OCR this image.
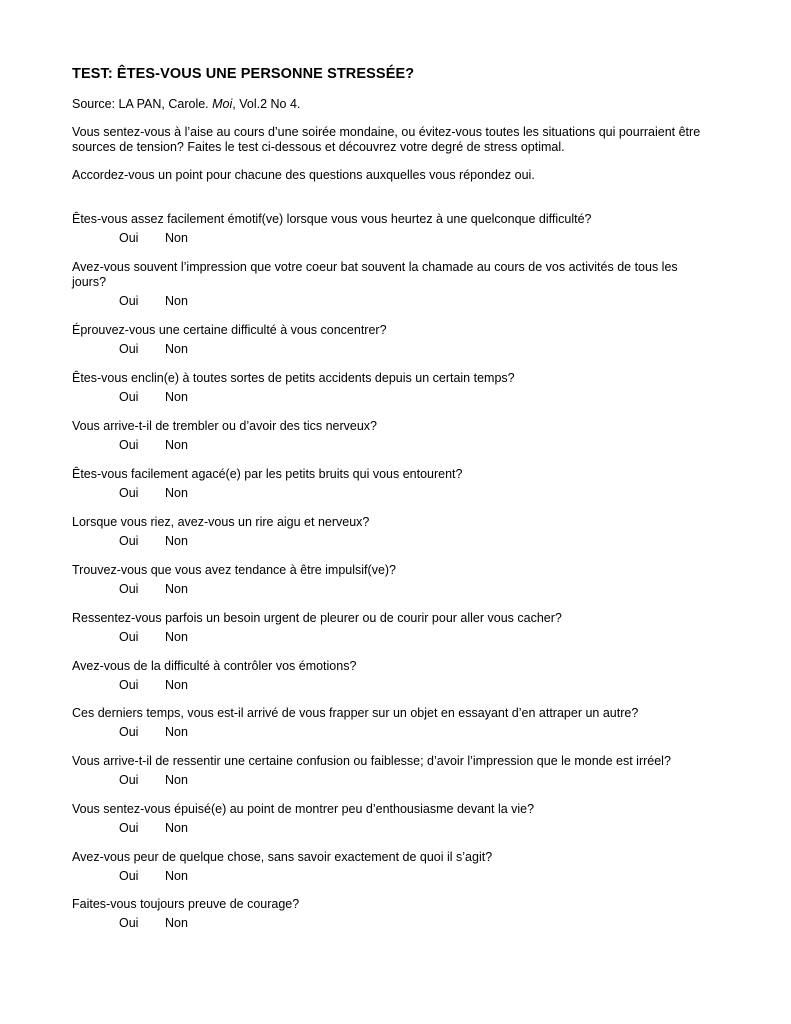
TEST: ÊTES-VOUS UNE PERSONNE STRESSÉE?
Source: LA PAN, Carole. Moi, Vol.2 No 4.
Vous sentez-vous à l’aise au cours d’une soirée mondaine, ou évitez-vous toutes les situations qui pourraient être sources de tension? Faites le test ci-dessous et découvrez votre degré de stress optimal.
Accordez-vous un point pour chacune des questions auxquelles vous répondez oui.
Êtes-vous assez facilement émotif(ve) lorsque vous vous heurtez à une quelconque difficulté?
Oui Non
Avez-vous souvent l’impression que votre coeur bat souvent la chamade au cours de vos activités de tous les jours?
Oui Non
Éprouvez-vous une certaine difficulté à vous concentrer?
Oui Non
Êtes-vous enclin(e) à toutes sortes de petits accidents depuis un certain temps?
Oui Non
Vous arrive-t-il de trembler ou d’avoir des tics nerveux?
Oui Non
Êtes-vous facilement agacé(e) par les petits bruits qui vous entourent?
Oui Non
Lorsque vous riez, avez-vous un rire aigu et nerveux?
Oui Non
Trouvez-vous que vous avez tendance à être impulsif(ve)?
Oui Non
Ressentez-vous parfois un besoin urgent de pleurer ou de courir pour aller vous cacher?
Oui Non
Avez-vous de la difficulté à contrôler vos émotions?
Oui Non
Ces derniers temps, vous est-il arrivé de vous frapper sur un objet en essayant d’en attraper un autre?
Oui Non
Vous arrive-t-il de ressentir une certaine confusion ou faiblesse; d’avoir l’impression que le monde est irréel?
Oui Non
Vous sentez-vous épuisé(e) au point de montrer peu d’enthousiasme devant la vie?
Oui Non
Avez-vous peur de quelque chose, sans savoir exactement de quoi il s’agit?
Oui Non
Faites-vous toujours preuve de courage?
Oui Non
